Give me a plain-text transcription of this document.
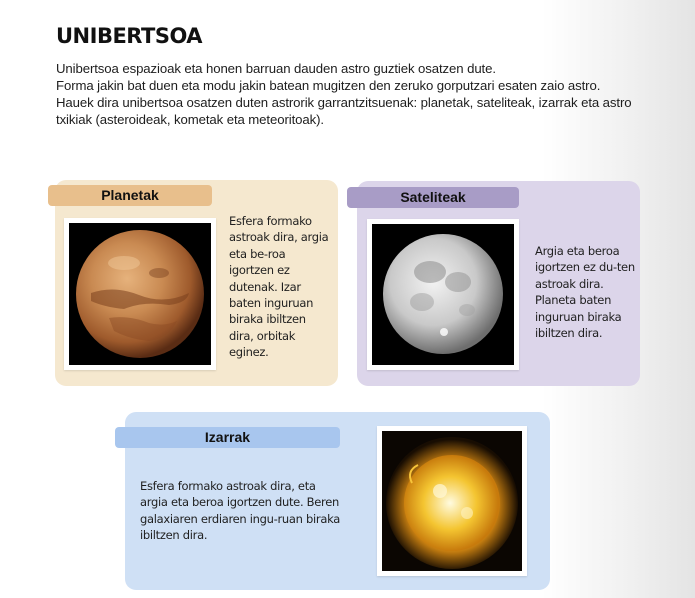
UNIBERTSOA

Unibertsoa espazioak eta honen barruan dauden astro guztiek osatzen dute.

Forma jakin bat duen eta modu jakin batean mugitzen den zeruko gorputzari esaten zaio astro.

Hauek dira unibertsoa osatzen duten astrorik garrantzitsuenak: planetak, sateliteak, izarrak eta astro txikiak (asteroideak, kometak eta meteoritoak).

Planetak

Esfera formako astroak dira, argia eta be-roa igortzen ez dutenak. Izar baten inguruan biraka ibiltzen dira, orbitak eginez.

Sateliteak

Argia eta beroa igortzen ez du-ten astroak dira. Planeta baten inguruan biraka ibiltzen dira.

Izarrak

Esfera formako astroak dira, eta argia eta beroa igortzen dute. Beren galaxiaren erdiaren ingu-ruan biraka ibiltzen dira.
